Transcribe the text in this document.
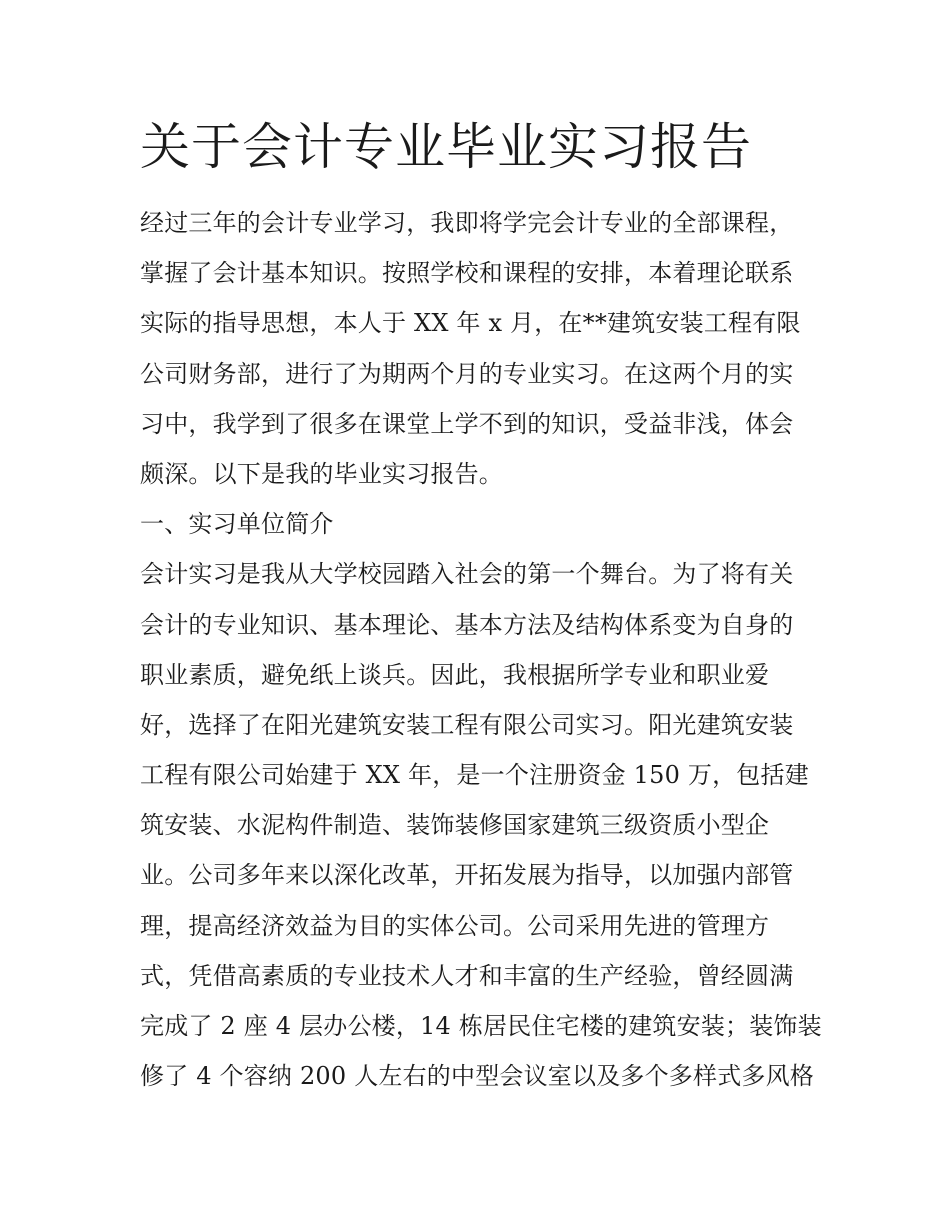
关于会计专业毕业实习报告
经过三年的会计专业学习，我即将学完会计专业的全部课程，
掌握了会计基本知识。按照学校和课程的安排，本着理论联系
实际的指导思想，本人于 XX 年 x 月，在**建筑安装工程有限
公司财务部，进行了为期两个月的专业实习。在这两个月的实
习中，我学到了很多在课堂上学不到的知识，受益非浅，体会
颇深。以下是我的毕业实习报告。
一、实习单位简介
会计实习是我从大学校园踏入社会的第一个舞台。为了将有关
会计的专业知识、基本理论、基本方法及结构体系变为自身的
职业素质，避免纸上谈兵。因此，我根据所学专业和职业爱
好，选择了在阳光建筑安装工程有限公司实习。阳光建筑安装
工程有限公司始建于 XX 年，是一个注册资金 150 万，包括建
筑安装、水泥构件制造、装饰装修国家建筑三级资质小型企
业。公司多年来以深化改革，开拓发展为指导，以加强内部管
理，提高经济效益为目的实体公司。公司采用先进的管理方
式，凭借高素质的专业技术人才和丰富的生产经验，曾经圆满
完成了 2 座 4 层办公楼，14 栋居民住宅楼的建筑安装；装饰装
修了 4 个容纳 200 人左右的中型会议室以及多个多样式多风格
